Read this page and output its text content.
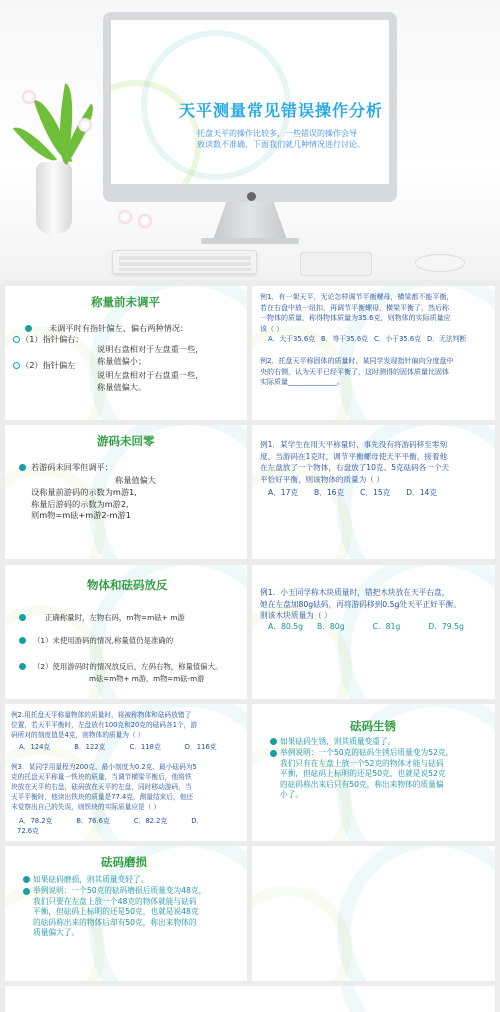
天平测量常见错误操作分析
托盘天平的操作比较多，一些错误的操作会导
致读数不准确，下面我们就几种情况进行讨论。
称量前未调平
未调平时有指针偏左、偏右两种情况：
（1）指针偏右：
说明右盘相对于左盘重一些，
称量值偏小；
（2）指针偏左
说明左盘相对于右盘重一些，
称量值偏大。
例1．有一架天平，无论怎样调节平衡螺母，横梁都不能平衡，
若在右盘中放一纽扣，再调节平衡螺母，横梁平衡了，然后称
一物体的质量，称得物体质量为35.6克，则物体的实际质量应
该（ ）
A．大于35.6克 B．等于35.6克 C．小于35.6克 D．无法判断
例2．托盘天平称固体的质量时，某同学发现指针偏向分度盘中
央的右侧，认为天平已经平衡了，这时测得的固体质量比固体
实际质量______________。
游码未回零
若游码未回零但调平：
称量值偏大
设称量前游码的示数为m游1,
称量后游码的示数为m游2,
则m物=m砝+m游2-m游1
例1．某学生在用天平称量时，事先没有将游码移至零刻
度，当游码在1克时，调节平衡螺母使天平平衡，接着他
在左盘放了一个物体，右盘放了10克、5克砝码各一个天
平恰好平衡，则该物体的质量为（ ）
A．17克 B．16克 C．15克 D．14克
物体和砝码放反
正确称量时，左物右码，m物=m砝+ m游
（1）未使用游码的情况,称量值仍是准确的
（2）使用游码时的情况放反后，左码右物，称量值偏大。
m砝=m物+ m游，m物=m砝-m游
例1．小玉同学称木块质量时，错把木块放在天平右盘，
她在左盘加80g砝码，再将游码移到0.5g处天平正好平衡。
则该木块质量为（ ）
A．80.5g B．80g	C．81g	D．79.5g
例2.用托盘天平称量物体的质量时，将被称物体和砝码放错了
位置，若天平平衡时，左盘放有100克和20克的砝码各1个，游
码所对的刻度值是4克，则物体的质量为（ ）
A．124克	B．122克	C．118克	D．116克
例3．某同学用量程为200克、最小刻度为0.2克、最小砝码为5
克的托盘天平称量一铁块的质量，当调节横梁平衡后，他将铁
块放在天平的右盘，砝码放在天平的左盘，同时移动游码，当
天平平衡时，他读出铁块的质量是77.4克，测量结束后，他还
未觉察出自己的失误，则铁块的实际质量应是（ ）
A．78.2克	B．76.6克	C．82.2克	D．
72.6克
砝码生锈
如果砝码生锈，则其质量变重了。
举例说明：一个50克的砝码生锈后质量变为52克，
我们只有在左盘上放一个52克的物体才能与砝码
平衡，但砝码上标明的还是50克，也就是说52克
的砝码称出来后只有50克，称出来物体的质量偏
小了。
砝码磨损
如果砝码磨损，则其质量变轻了。
举例说明：一个50克的砝码磨损后质量变为48克，
我们只要在左盘上放一个48克的物体就能与砝码
平衡，但砝码上标明的还是50克，也就是说48克
的砝码称出来的物体后却有50克，称出来物体的
质量偏大了。
